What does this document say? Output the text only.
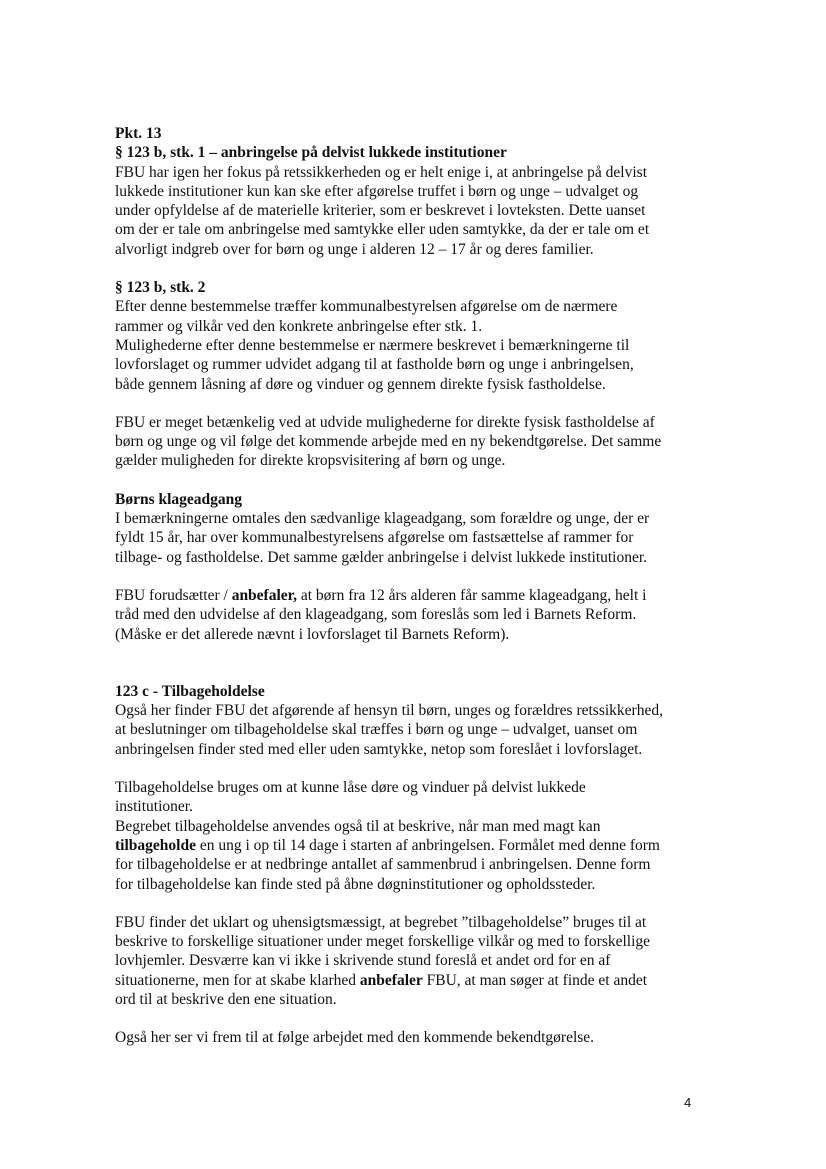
Pkt. 13
§ 123 b, stk. 1 – anbringelse på delvist lukkede institutioner
FBU har igen her fokus på retssikkerheden og er helt enige i, at anbringelse på delvist
lukkede institutioner kun kan ske efter afgørelse truffet i børn og unge – udvalget og
under opfyldelse af de materielle kriterier, som er beskrevet i lovteksten. Dette uanset
om der er tale om anbringelse med samtykke eller uden samtykke, da der er tale om et
alvorligt indgreb over for børn og unge i alderen 12 – 17 år og deres familier.
§ 123 b, stk. 2
Efter denne bestemmelse træffer kommunalbestyrelsen afgørelse om de nærmere
rammer og vilkår ved den konkrete anbringelse efter stk. 1.
Mulighederne efter denne bestemmelse er nærmere beskrevet i bemærkningerne til
lovforslaget og rummer udvidet adgang til at fastholde børn og unge i anbringelsen,
både gennem låsning af døre og vinduer og gennem direkte fysisk fastholdelse.
FBU er meget betænkelig ved at udvide mulighederne for direkte fysisk fastholdelse af
børn og unge og vil følge det kommende arbejde med en ny bekendtgørelse. Det samme
gælder muligheden for direkte kropsvisitering af børn og unge.
Børns klageadgang
I bemærkningerne omtales den sædvanlige klageadgang, som forældre og unge, der er
fyldt 15 år, har over kommunalbestyrelsens afgørelse om fastsættelse af rammer for
tilbage- og fastholdelse. Det samme gælder anbringelse i delvist lukkede institutioner.
FBU forudsætter / anbefaler, at børn fra 12 års alderen får samme klageadgang, helt i
tråd med den udvidelse af den klageadgang, som foreslås som led i Barnets Reform.
(Måske er det allerede nævnt i lovforslaget til Barnets Reform).
123 c - Tilbageholdelse
Også her finder FBU det afgørende af hensyn til børn, unges og forældres retssikkerhed,
at beslutninger om tilbageholdelse skal træffes i børn og unge – udvalget, uanset om
anbringelsen finder sted med eller uden samtykke, netop som foreslået i lovforslaget.
Tilbageholdelse bruges om at kunne låse døre og vinduer på delvist lukkede
institutioner.
Begrebet tilbageholdelse anvendes også til at beskrive, når man med magt kan
tilbageholde en ung i op til 14 dage i starten af anbringelsen. Formålet med denne form
for tilbageholdelse er at nedbringe antallet af sammenbrud i anbringelsen. Denne form
for tilbageholdelse kan finde sted på åbne døgninstitutioner og opholdssteder.
FBU finder det uklart og uhensigtsmæssigt, at begrebet ”tilbageholdelse” bruges til at
beskrive to forskellige situationer under meget forskellige vilkår og med to forskellige
lovhjemler. Desværre kan vi ikke i skrivende stund foreslå et andet ord for en af
situationerne, men for at skabe klarhed anbefaler FBU, at man søger at finde et andet
ord til at beskrive den ene situation.
Også her ser vi frem til at følge arbejdet med den kommende bekendtgørelse.
4
